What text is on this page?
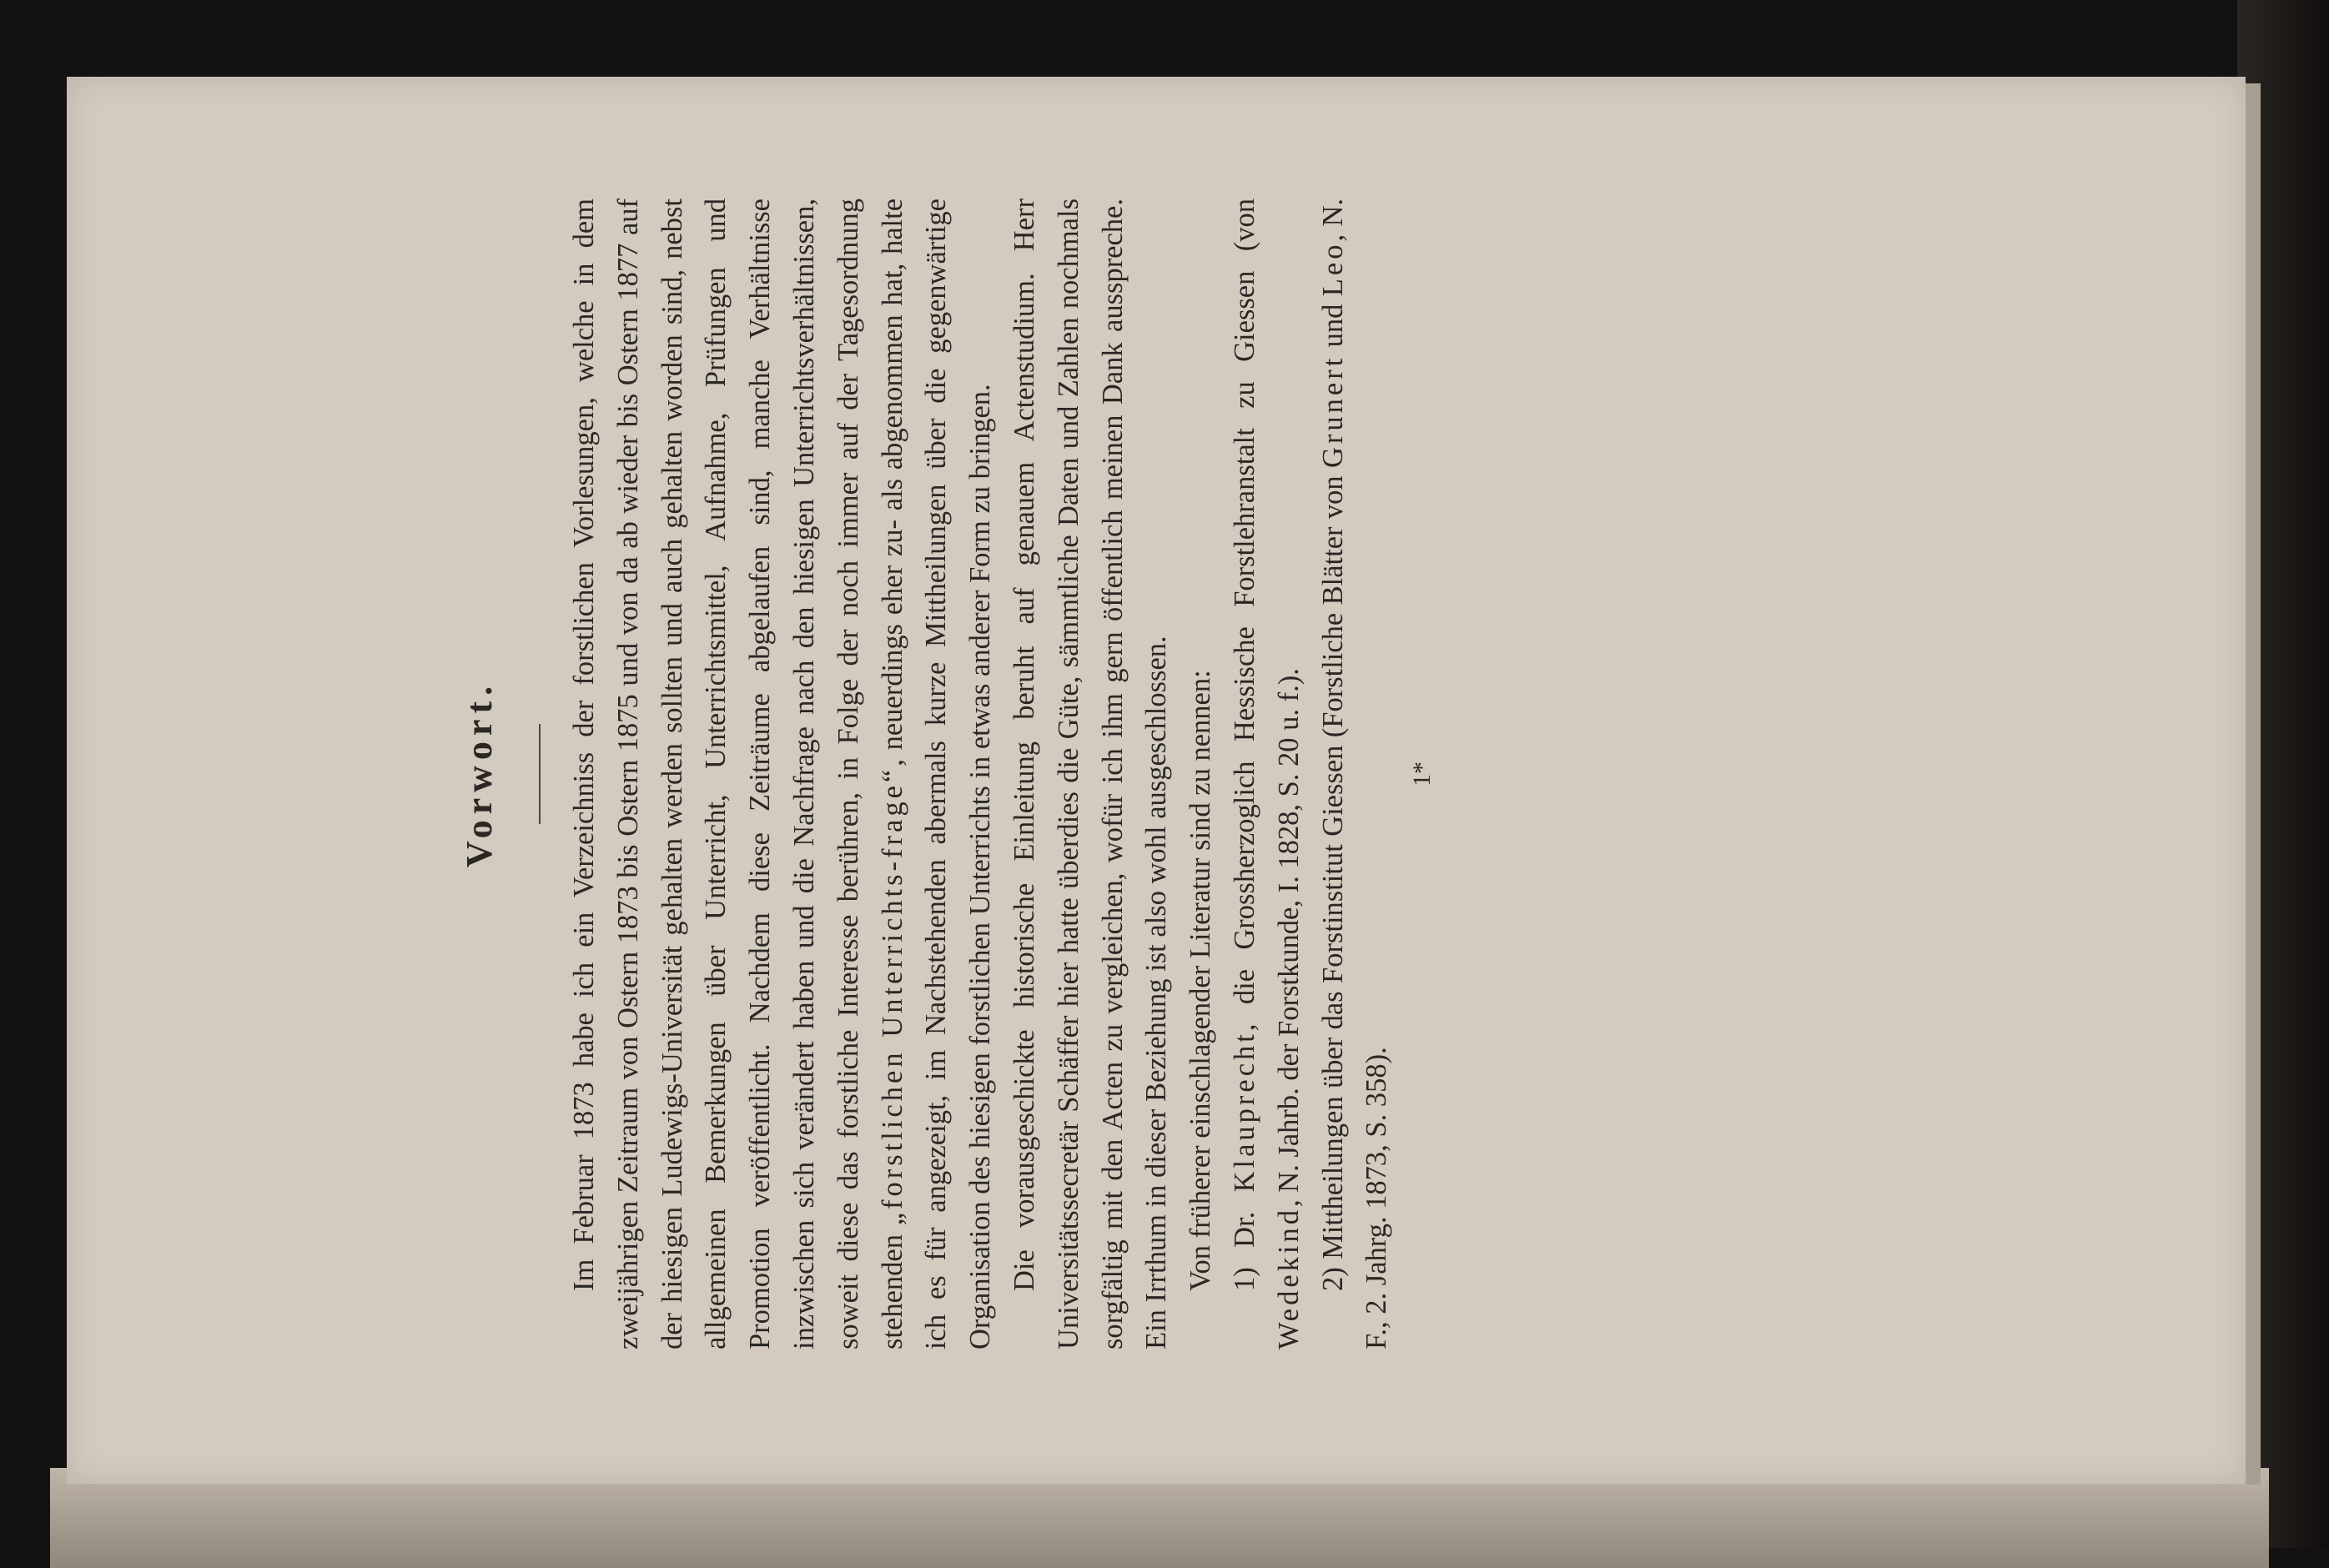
Vorwort.	Im Februar 1873 habe ich ein Verzeichniss der forstlichen Vorlesungen, welche in dem zweijährigen Zeitraum von Ostern 1873 bis Ostern 1875 und von da ab wieder bis Ostern 1877 auf der hiesigen Ludewigs-Universität gehalten werden sollten und auch gehalten worden sind, nebst allgemeinen Bemerkungen über Unterricht, Unterrichtsmittel, Aufnahme, Prüfungen und Promotion veröffentlicht. Nachdem diese Zeiträume abgelaufen sind, manche Verhältnisse inzwischen sich verändert haben und die Nachfrage nach den hiesigen Unterrichtsverhältnissen, soweit diese das forstliche Interesse berühren, in Folge der noch immer auf der Tagesordnung stehenden „forstlichen Unterrichts-frage“, neuerdings eher zu- als abgenommen hat, halte ich es für angezeigt, im Nachstehenden abermals kurze Mittheilungen über die gegenwärtige Organisation des hiesigen forstlichen Unterrichts in etwas anderer Form zu bringen. Die vorausgeschickte historische Einleitung beruht auf genauem Actenstudium. Herr Universitätssecretär Schäffer hier hatte überdies die Güte, sämmtliche Daten und Zahlen nochmals sorgfältig mit den Acten zu vergleichen, wofür ich ihm gern öffentlich meinen Dank ausspreche. Ein Irrthum in dieser Beziehung ist also wohl ausgeschlossen. Von früherer einschlagender Literatur sind zu nennen: 1) Dr. Klauprecht, die Grossherzoglich Hessische Forstlehranstalt zu Giessen (von Wedekind, N. Jahrb. der Forstkunde, I. 1828, S. 20 u. f.). 2) Mittheilungen über das Forstinstitut Giessen (Forstliche Blätter von Grunert und Leo, N. F., 2. Jahrg. 1873, S. 358).

1*
